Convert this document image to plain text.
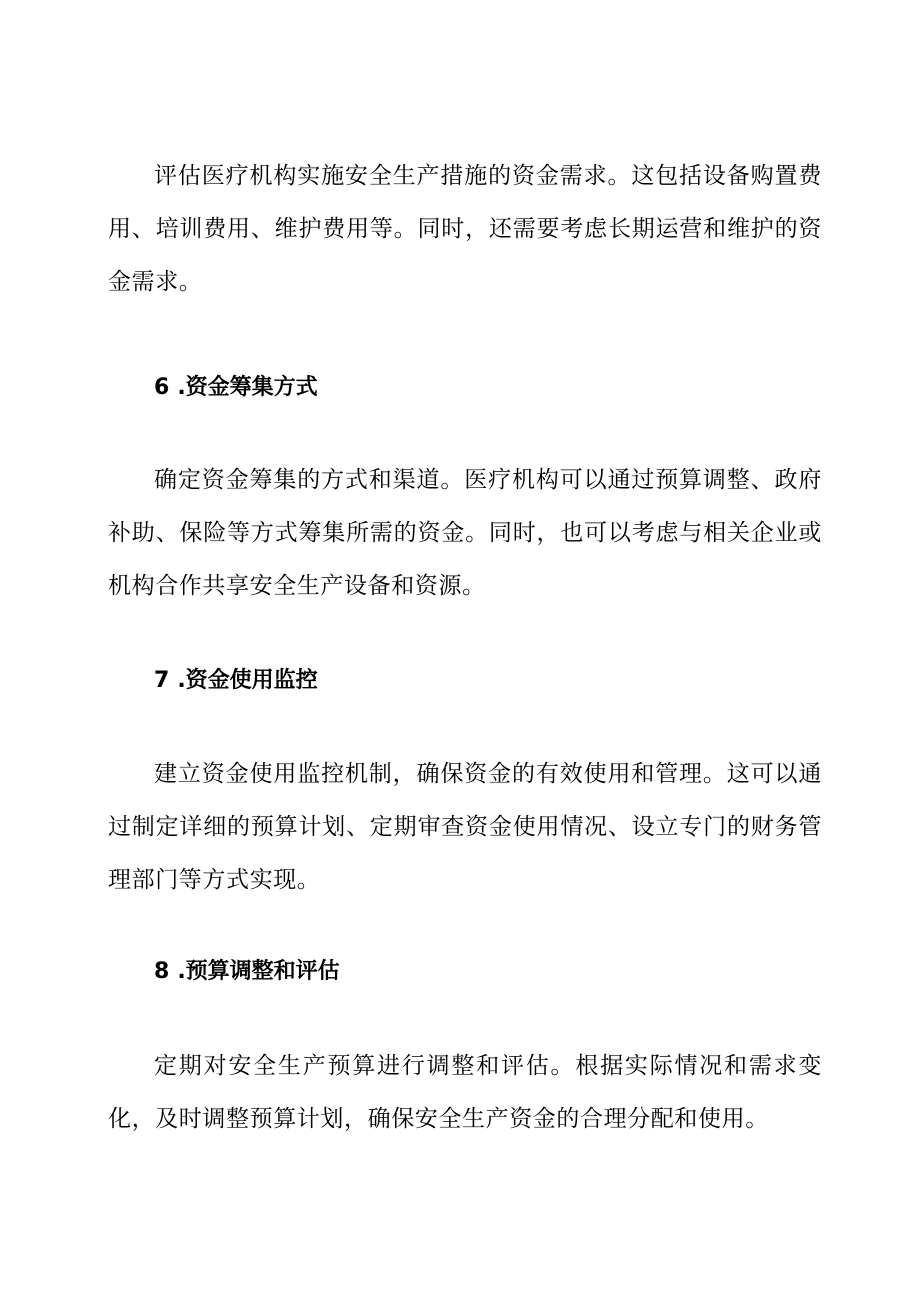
评估医疗机构实施安全生产措施的资金需求。这包括设备购置费用、培训费用、维护费用等。同时，还需要考虑长期运营和维护的资金需求。

6 .资金筹集方式

确定资金筹集的方式和渠道。医疗机构可以通过预算调整、政府补助、保险等方式筹集所需的资金。同时，也可以考虑与相关企业或机构合作共享安全生产设备和资源。

7 .资金使用监控

建立资金使用监控机制，确保资金的有效使用和管理。这可以通过制定详细的预算计划、定期审查资金使用情况、设立专门的财务管理部门等方式实现。

8 .预算调整和评估

定期对安全生产预算进行调整和评估。根据实际情况和需求变化，及时调整预算计划，确保安全生产资金的合理分配和使用。
